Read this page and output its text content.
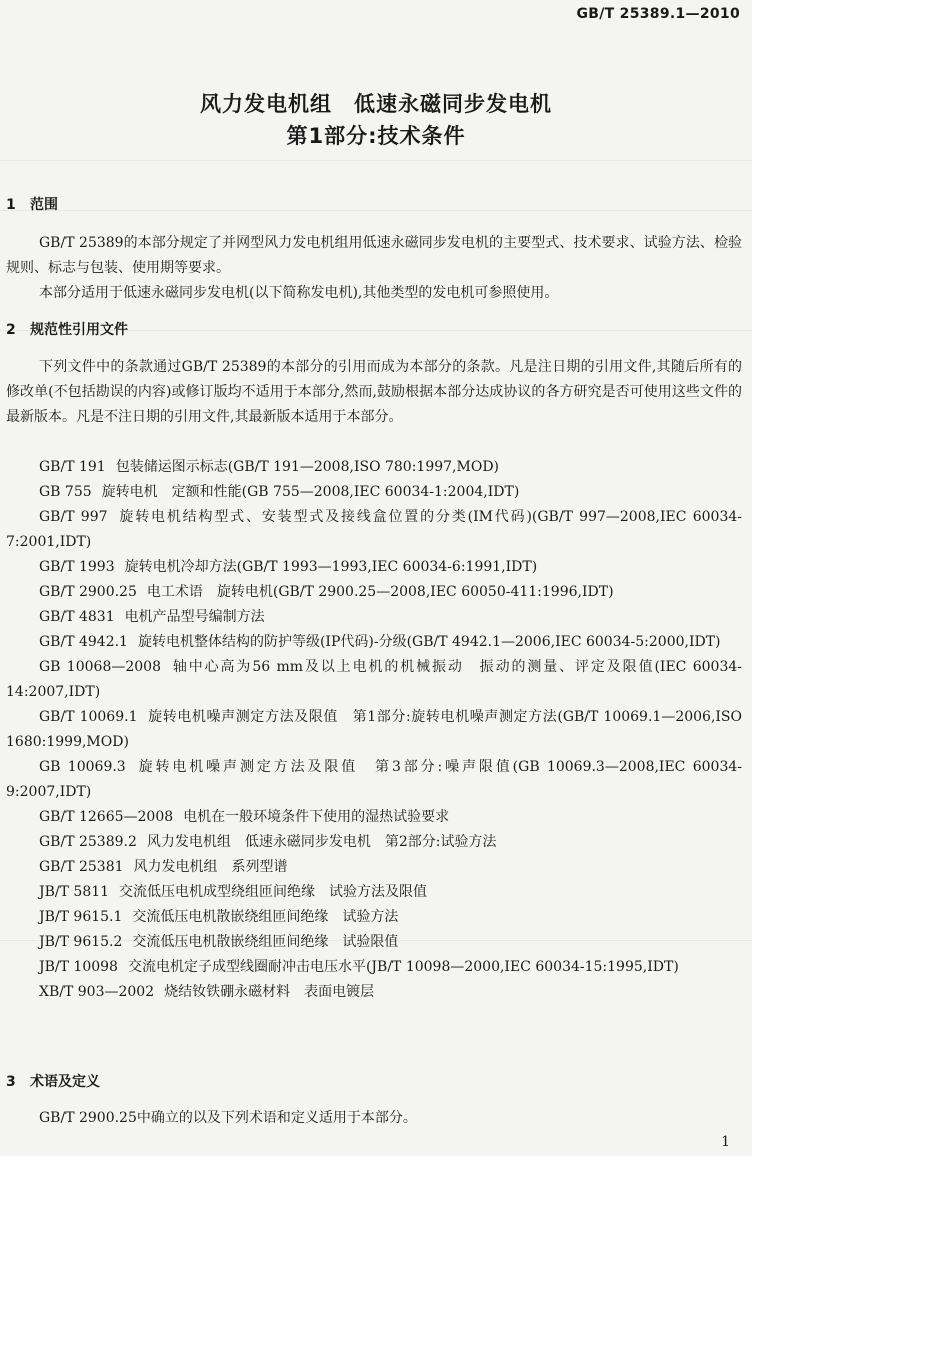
GB/T 25389.1—2010
风力发电机组　低速永磁同步发电机
第1部分:技术条件
1 范围

GB/T 25389的本部分规定了并网型风力发电机组用低速永磁同步发电机的主要型式、技术要求、试验方法、检验规则、标志与包装、使用期等要求。

本部分适用于低速永磁同步发电机(以下简称发电机),其他类型的发电机可参照使用。

2 规范性引用文件

下列文件中的条款通过GB/T 25389的本部分的引用而成为本部分的条款。凡是注日期的引用文件,其随后所有的修改单(不包括勘误的内容)或修订版均不适用于本部分,然而,鼓励根据本部分达成协议的各方研究是否可使用这些文件的最新版本。凡是不注日期的引用文件,其最新版本适用于本部分。

GB/T 191 包装储运图示标志(GB/T 191—2008,ISO 780:1997,MOD)
GB 755 旋转电机　定额和性能(GB 755—2008,IEC 60034-1:2004,IDT)
GB/T 997 旋转电机结构型式、安装型式及接线盒位置的分类(IM代码)(GB/T 997—2008,IEC 60034-7:2001,IDT)
GB/T 1993 旋转电机冷却方法(GB/T 1993—1993,IEC 60034-6:1991,IDT)
GB/T 2900.25 电工术语　旋转电机(GB/T 2900.25—2008,IEC 60050-411:1996,IDT)
GB/T 4831 电机产品型号编制方法
GB/T 4942.1 旋转电机整体结构的防护等级(IP代码)-分级(GB/T 4942.1—2006,IEC 60034-5:2000,IDT)
GB 10068—2008 轴中心高为56 mm及以上电机的机械振动　振动的测量、评定及限值(IEC 60034-14:2007,IDT)
GB/T 10069.1 旋转电机噪声测定方法及限值　第1部分:旋转电机噪声测定方法(GB/T 10069.1—2006,ISO 1680:1999,MOD)
GB 10069.3 旋转电机噪声测定方法及限值　第3部分:噪声限值(GB 10069.3—2008,IEC 60034-9:2007,IDT)
GB/T 12665—2008 电机在一般环境条件下使用的湿热试验要求
GB/T 25389.2 风力发电机组　低速永磁同步发电机　第2部分:试验方法
GB/T 25381 风力发电机组　系列型谱
JB/T 5811 交流低压电机成型绕组匝间绝缘　试验方法及限值
JB/T 9615.1 交流低压电机散嵌绕组匝间绝缘　试验方法
JB/T 9615.2 交流低压电机散嵌绕组匝间绝缘　试验限值
JB/T 10098 交流电机定子成型线圈耐冲击电压水平(JB/T 10098—2000,IEC 60034-15:1995,IDT)
XB/T 903—2002 烧结钕铁硼永磁材料　表面电镀层
3 术语及定义

GB/T 2900.25中确立的以及下列术语和定义适用于本部分。

1
